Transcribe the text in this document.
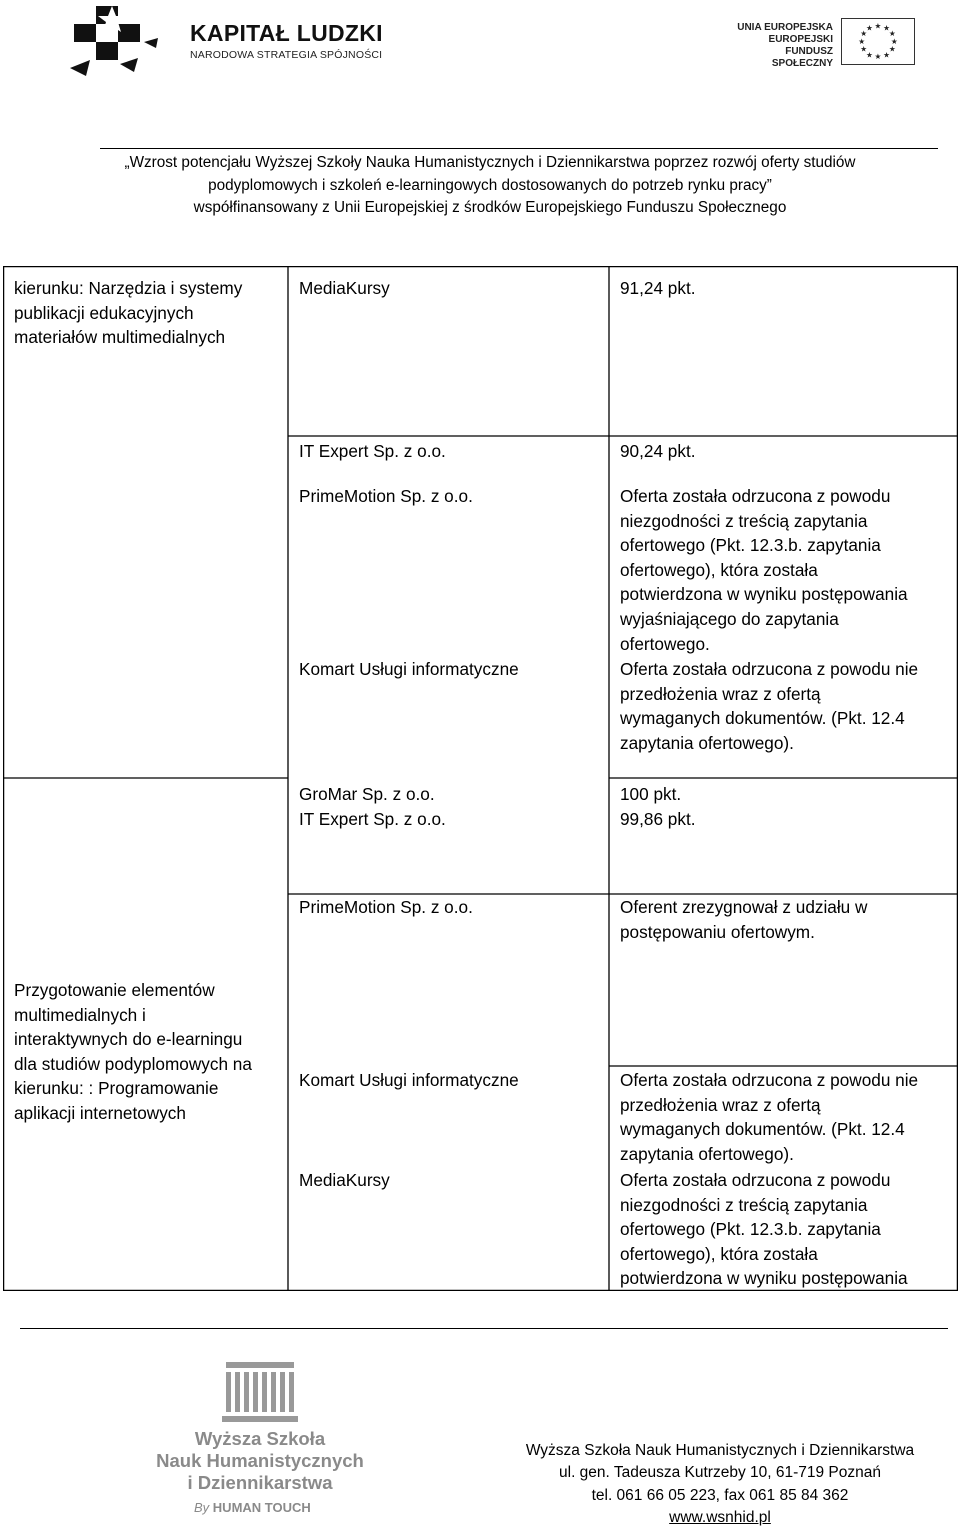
KAPITAŁ LUDZKI
NARODOWA STRATEGIA SPÓJNOŚCI
UNIA EUROPEJSKA
EUROPEJSKI
FUNDUSZ SPOŁECZNY
★ ★
★
★
★
★
★
★
★
★
★
★
„Wzrost potencjału Wyższej Szkoły Nauka Humanistycznych i Dziennikarstwa poprzez rozwój oferty studiów
podyplomowych i szkoleń e-learningowych dostosowanych do potrzeb rynku pracy”
współfinansowany z Unii Europejskiej z środków Europejskiego Funduszu Społecznego
kierunku: Narzędzia i systemy
publikacji edukacyjnych
materiałów multimedialnych
Przygotowanie elementów
multimedialnych i
interaktywnych do e-learningu
dla studiów podyplomowych na
kierunku: : Programowanie
aplikacji internetowych
MediaKursy
IT Expert Sp. z o.o.
PrimeMotion Sp. z o.o.
Komart Usługi informatyczne
GroMar Sp. z o.o.
IT Expert Sp. z o.o.
PrimeMotion Sp. z o.o.
Komart Usługi informatyczne
MediaKursy
91,24 pkt.
90,24 pkt.
Oferta została odrzucona z powodu
niezgodności z treścią zapytania
ofertowego (Pkt. 12.3.b. zapytania
ofertowego), która została
potwierdzona w wyniku postępowania
wyjaśniającego do zapytania
ofertowego.
Oferta została odrzucona z powodu nie
przedłożenia wraz z ofertą
wymaganych dokumentów. (Pkt. 12.4
zapytania ofertowego).
100 pkt.
99,86 pkt.
Oferent zrezygnował z udziału w
postępowaniu ofertowym.
Oferta została odrzucona z powodu nie
przedłożenia wraz z ofertą
wymaganych dokumentów. (Pkt. 12.4
zapytania ofertowego).
Oferta została odrzucona z powodu
niezgodności z treścią zapytania
ofertowego (Pkt. 12.3.b. zapytania
ofertowego), która została
potwierdzona w wyniku postępowania
Wyższa Szkoła
Nauk Humanistycznych
i Dziennikarstwa
By HUMAN TOUCH
Wyższa Szkoła Nauk Humanistycznych i Dziennikarstwa
ul. gen. Tadeusza Kutrzeby 10, 61-719 Poznań
tel. 061 66 05 223, fax 061 85 84 362
www.wsnhid.pl
